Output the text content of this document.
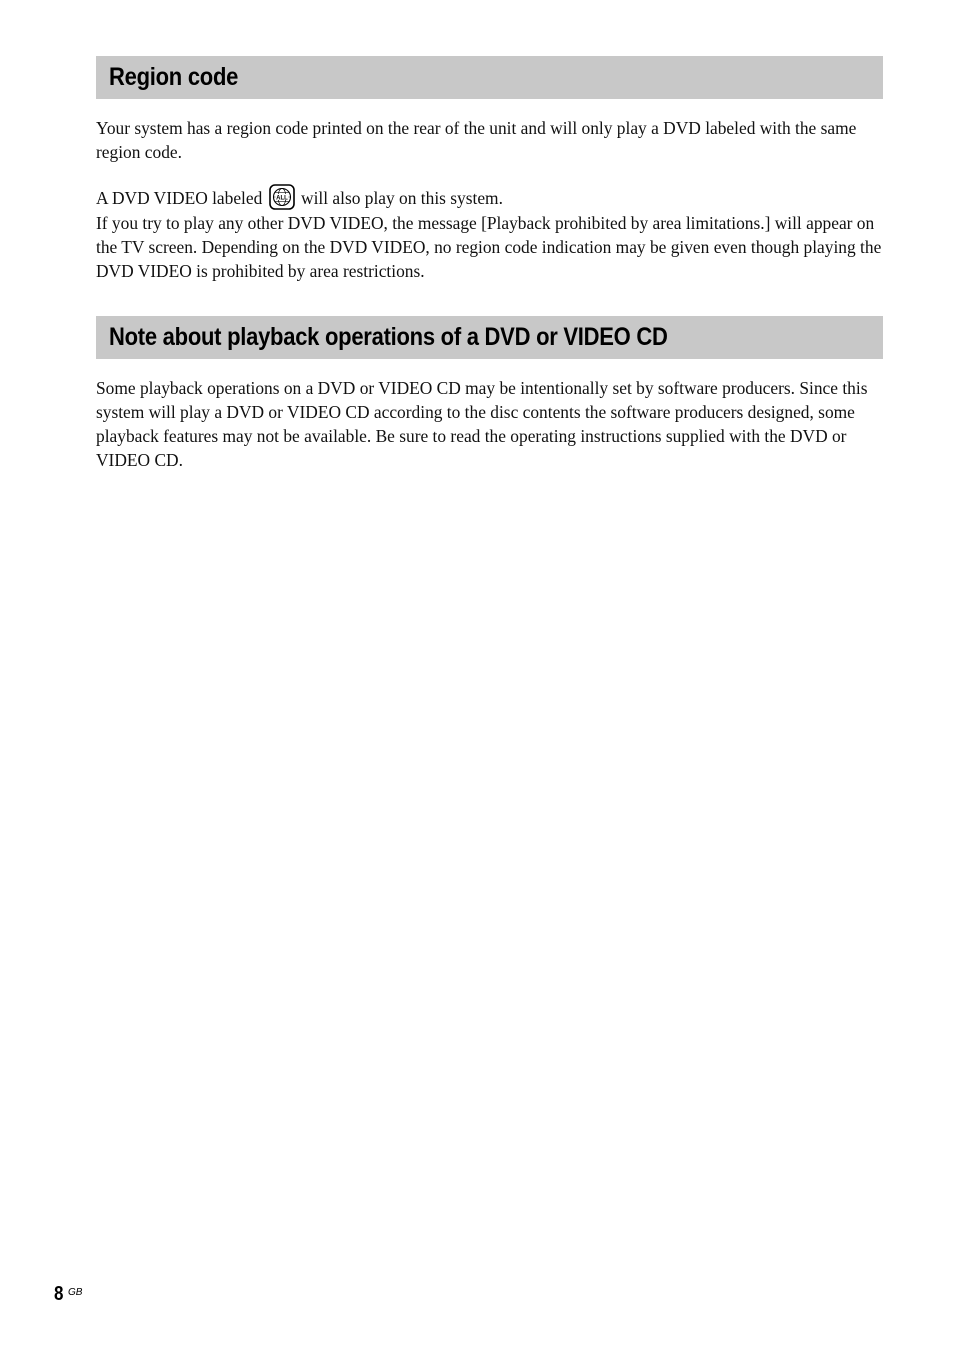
Region code

Your system has a region code printed on the rear of the unit and will only play a DVD labeled with the same region code.

A DVD VIDEO labeled ALL will also play on this system.

If you try to play any other DVD VIDEO, the message [Playback prohibited by area limitations.] will appear on the TV screen. Depending on the DVD VIDEO, no region code indication may be given even though playing the DVD VIDEO is prohibited by area restrictions.

Note about playback operations of a DVD or VIDEO CD

Some playback operations on a DVD or VIDEO CD may be intentionally set by software producers. Since this system will play a DVD or VIDEO CD according to the disc contents the software producers designed, some playback features may not be available. Be sure to read the operating instructions supplied with the DVD or VIDEO CD.

8 GB
